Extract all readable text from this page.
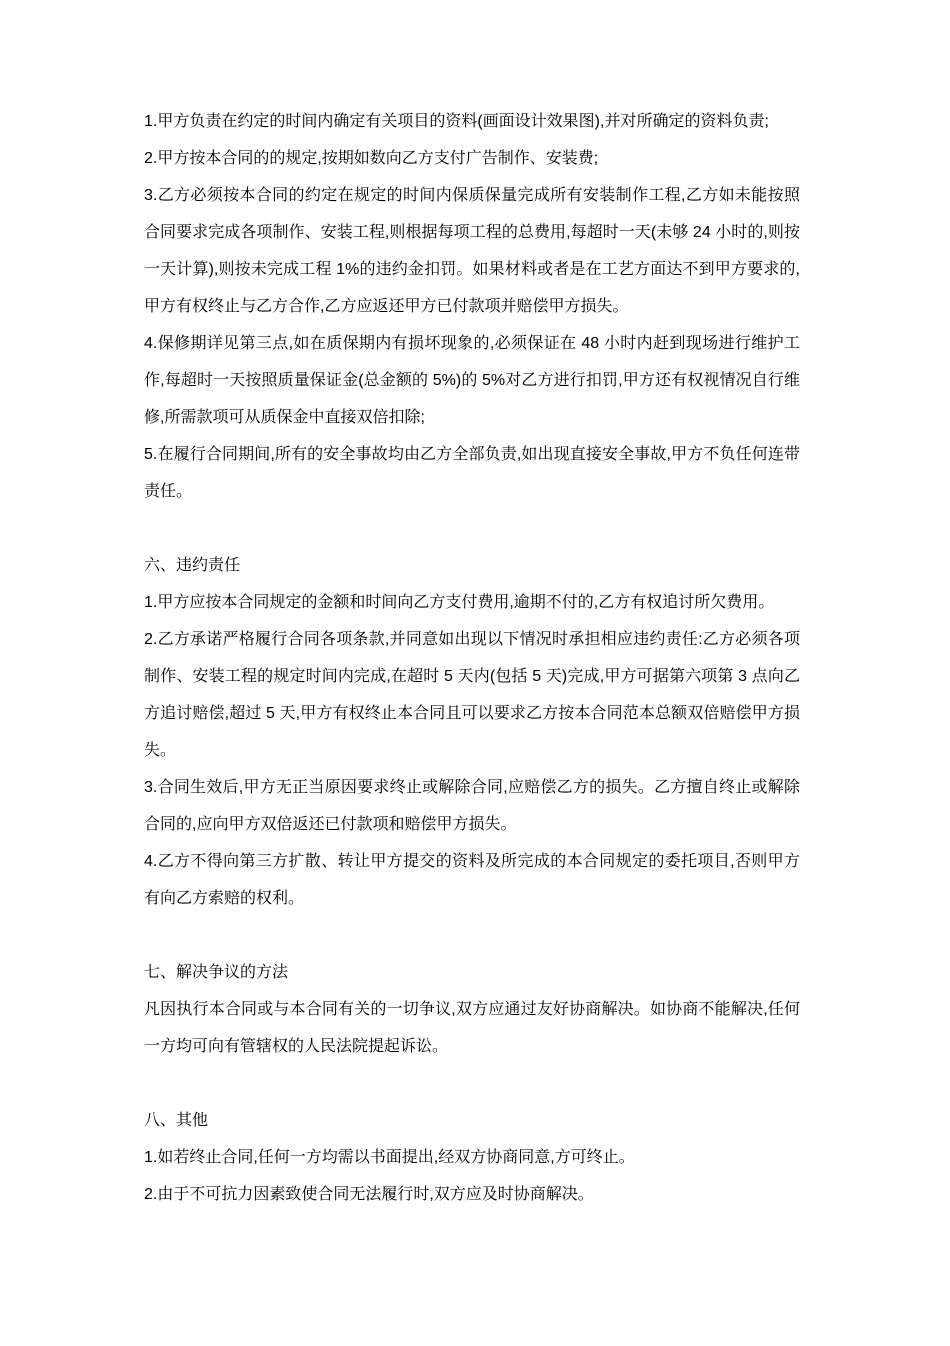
1.甲方负责在约定的时间内确定有关项目的资料(画面设计效果图),并对所确定的资料负责;

2.甲方按本合同的的规定,按期如数向乙方支付广告制作、安装费;

3.乙方必须按本合同的约定在规定的时间内保质保量完成所有安装制作工程,乙方如未能按照合同要求完成各项制作、安装工程,则根据每项工程的总费用,每超时一天(未够 24 小时的,则按一天计算),则按未完成工程 1%的违约金扣罚。如果材料或者是在工艺方面达不到甲方要求的,甲方有权终止与乙方合作,乙方应返还甲方已付款项并赔偿甲方损失。

4.保修期详见第三点,如在质保期内有损坏现象的,必须保证在 48 小时内赶到现场进行维护工作,每超时一天按照质量保证金(总金额的 5%)的 5%对乙方进行扣罚,甲方还有权视情况自行维修,所需款项可从质保金中直接双倍扣除;

5.在履行合同期间,所有的安全事故均由乙方全部负责,如出现直接安全事故,甲方不负任何连带责任。

六、违约责任

1.甲方应按本合同规定的金额和时间向乙方支付费用,逾期不付的,乙方有权追讨所欠费用。

2.乙方承诺严格履行合同各项条款,并同意如出现以下情况时承担相应违约责任:乙方必须各项制作、安装工程的规定时间内完成,在超时 5 天内(包括 5 天)完成,甲方可据第六项第 3 点向乙方追讨赔偿,超过 5 天,甲方有权终止本合同且可以要求乙方按本合同范本总额双倍赔偿甲方损失。

3.合同生效后,甲方无正当原因要求终止或解除合同,应赔偿乙方的损失。乙方擅自终止或解除合同的,应向甲方双倍返还已付款项和赔偿甲方损失。

4.乙方不得向第三方扩散、转让甲方提交的资料及所完成的本合同规定的委托项目,否则甲方有向乙方索赔的权利。

七、解决争议的方法

凡因执行本合同或与本合同有关的一切争议,双方应通过友好协商解决。如协商不能解决,任何一方均可向有管辖权的人民法院提起诉讼。

八、其他

1.如若终止合同,任何一方均需以书面提出,经双方协商同意,方可终止。

2.由于不可抗力因素致使合同无法履行时,双方应及时协商解决。
